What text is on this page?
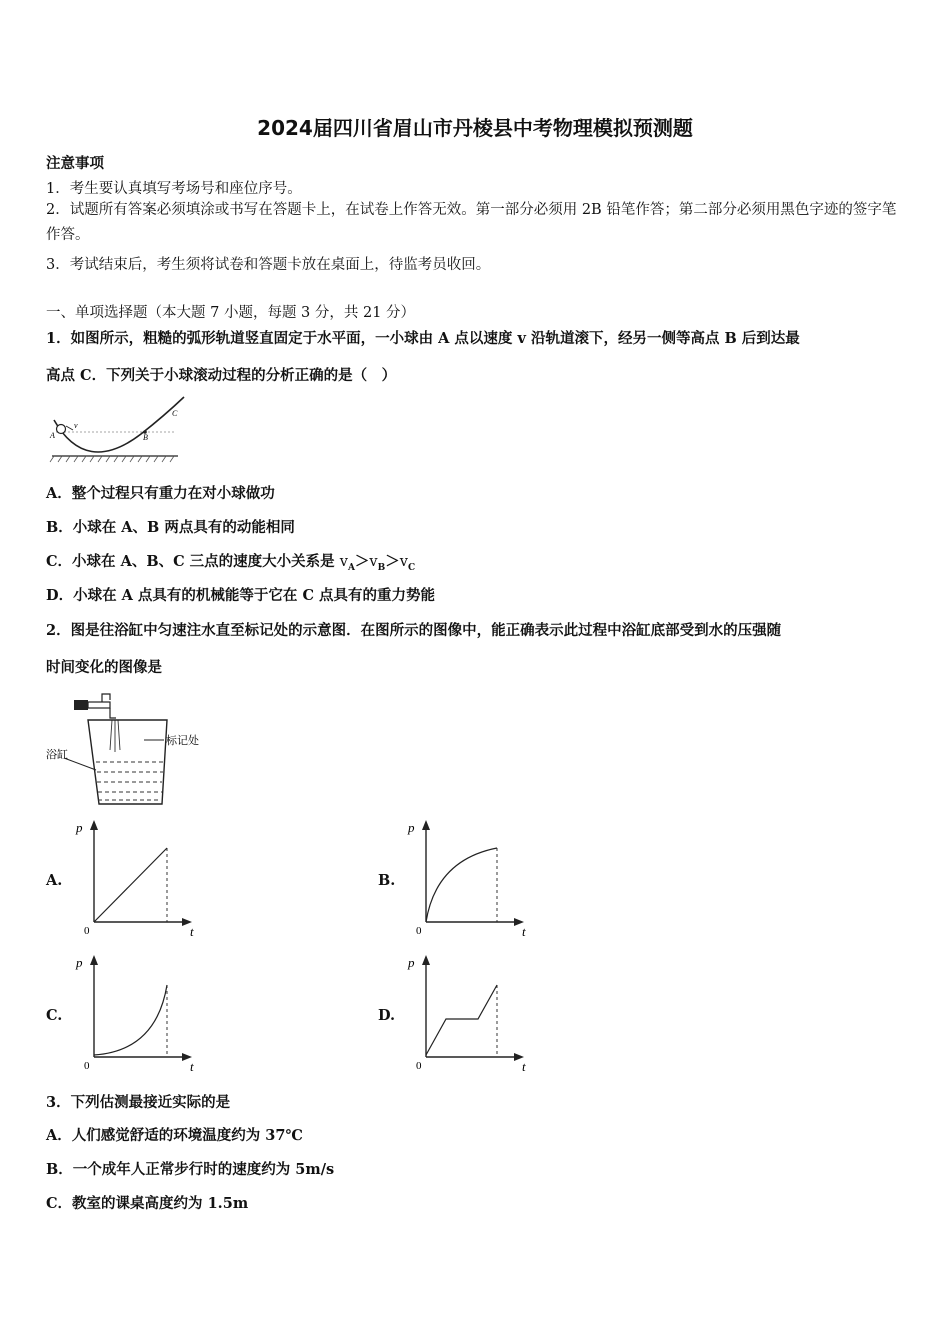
2024届四川省眉山市丹棱县中考物理模拟预测题
注意事项
1．考生要认真填写考场号和座位序号。
2．试题所有答案必须填涂或书写在答题卡上，在试卷上作答无效。第一部分必须用 2B 铅笔作答；第二部分必须用黑色字迹的签字笔作答。
3．考试结束后，考生须将试卷和答题卡放在桌面上，待监考员收回。
一、单项选择题（本大题 7 小题，每题 3 分，共 21 分）
1．如图所示，粗糙的弧形轨道竖直固定于水平面，一小球由 A 点以速度 v 沿轨道滚下，经另一侧等高点 B 后到达最
高点 C．下列关于小球滚动过程的分析正确的是（　）
A
v
B
C
A．整个过程只有重力在对小球做功
B．小球在 A、B 两点具有的动能相同
C．小球在 A、B、C 三点的速度大小关系是 $v_A>v_B>v_C$
D．小球在 A 点具有的机械能等于它在 C 点具有的重力势能
2．图是往浴缸中匀速注水直至标记处的示意图．在图所示的图像中，能正确表示此过程中浴缸底部受到水的压强随
时间变化的图像是
标记处
浴缸
A.
p
t
0
B.
p
t
0
C.
p
t
0
D.
p
t
0
3．下列估测最接近实际的是
A．人们感觉舒适的环境温度约为 37℃
B．一个成年人正常步行时的速度约为 5m/s
C．教室的课桌高度约为 1.5m
